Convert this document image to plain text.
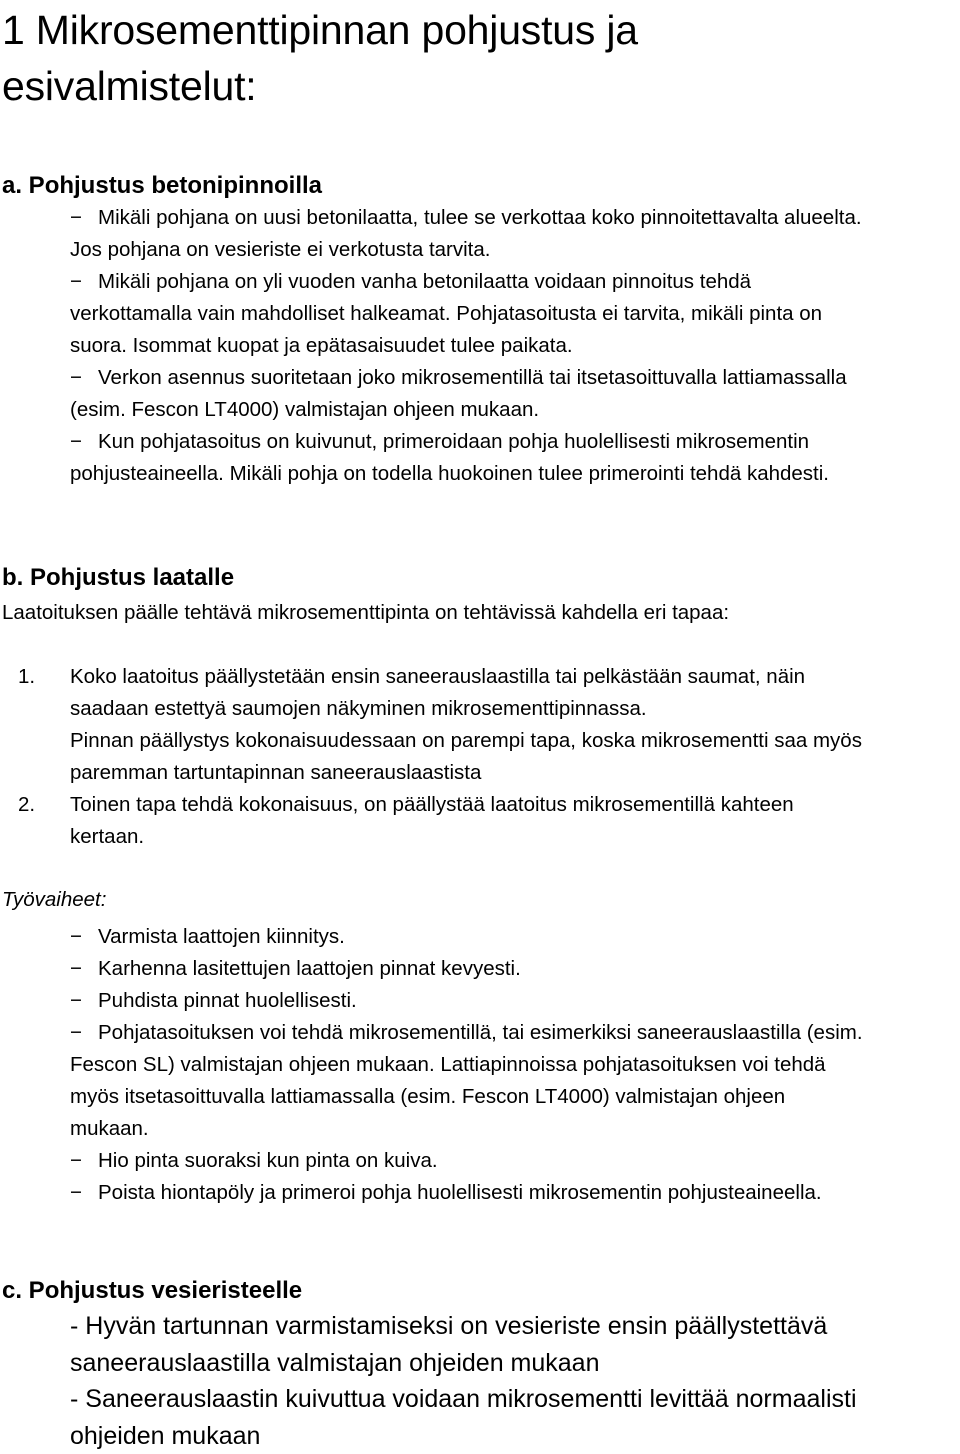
1 Mikrosementtipinnan pohjustus ja
esivalmistelut:
a. Pohjustus betonipinnoilla
− Mikäli pohjana on uusi betonilaatta, tulee se verkottaa koko pinnoitettavalta alueelta.
Jos pohjana on vesieriste ei verkotusta tarvita.
− Mikäli pohjana on yli vuoden vanha betonilaatta voidaan pinnoitus tehdä
verkottamalla vain mahdolliset halkeamat. Pohjatasoitusta ei tarvita, mikäli pinta on
suora. Isommat kuopat ja epätasaisuudet tulee paikata.
− Verkon asennus suoritetaan joko mikrosementillä tai itsetasoittuvalla lattiamassalla
(esim. Fescon LT4000) valmistajan ohjeen mukaan.
− Kun pohjatasoitus on kuivunut, primeroidaan pohja huolellisesti mikrosementin
pohjusteaineella. Mikäli pohja on todella huokoinen tulee primerointi tehdä kahdesti.
b. Pohjustus laatalle
Laatoituksen päälle tehtävä mikrosementtipinta on tehtävissä kahdella eri tapaa:
1. Koko laatoitus päällystetään ensin saneerauslaastilla tai pelkästään saumat, näin
saadaan estettyä saumojen näkyminen mikrosementtipinnassa.
Pinnan päällystys kokonaisuudessaan on parempi tapa, koska mikrosementti saa myös
paremman tartuntapinnan saneerauslaastista
2. Toinen tapa tehdä kokonaisuus, on päällystää laatoitus mikrosementillä kahteen
kertaan.
Työvaiheet:
− Varmista laattojen kiinnitys.
− Karhenna lasitettujen laattojen pinnat kevyesti.
− Puhdista pinnat huolellisesti.
− Pohjatasoituksen voi tehdä mikrosementillä, tai esimerkiksi saneerauslaastilla (esim.
Fescon SL) valmistajan ohjeen mukaan. Lattiapinnoissa pohjatasoituksen voi tehdä
myös itsetasoittuvalla lattiamassalla (esim. Fescon LT4000) valmistajan ohjeen
mukaan.
− Hio pinta suoraksi kun pinta on kuiva.
− Poista hiontapöly ja primeroi pohja huolellisesti mikrosementin pohjusteaineella.
c. Pohjustus vesieristeelle
- Hyvän tartunnan varmistamiseksi on vesieriste ensin päällystettävä
saneerauslaastilla valmistajan ohjeiden mukaan
- Saneerauslaastin kuivuttua voidaan mikrosementti levittää normaalisti
ohjeiden mukaan
